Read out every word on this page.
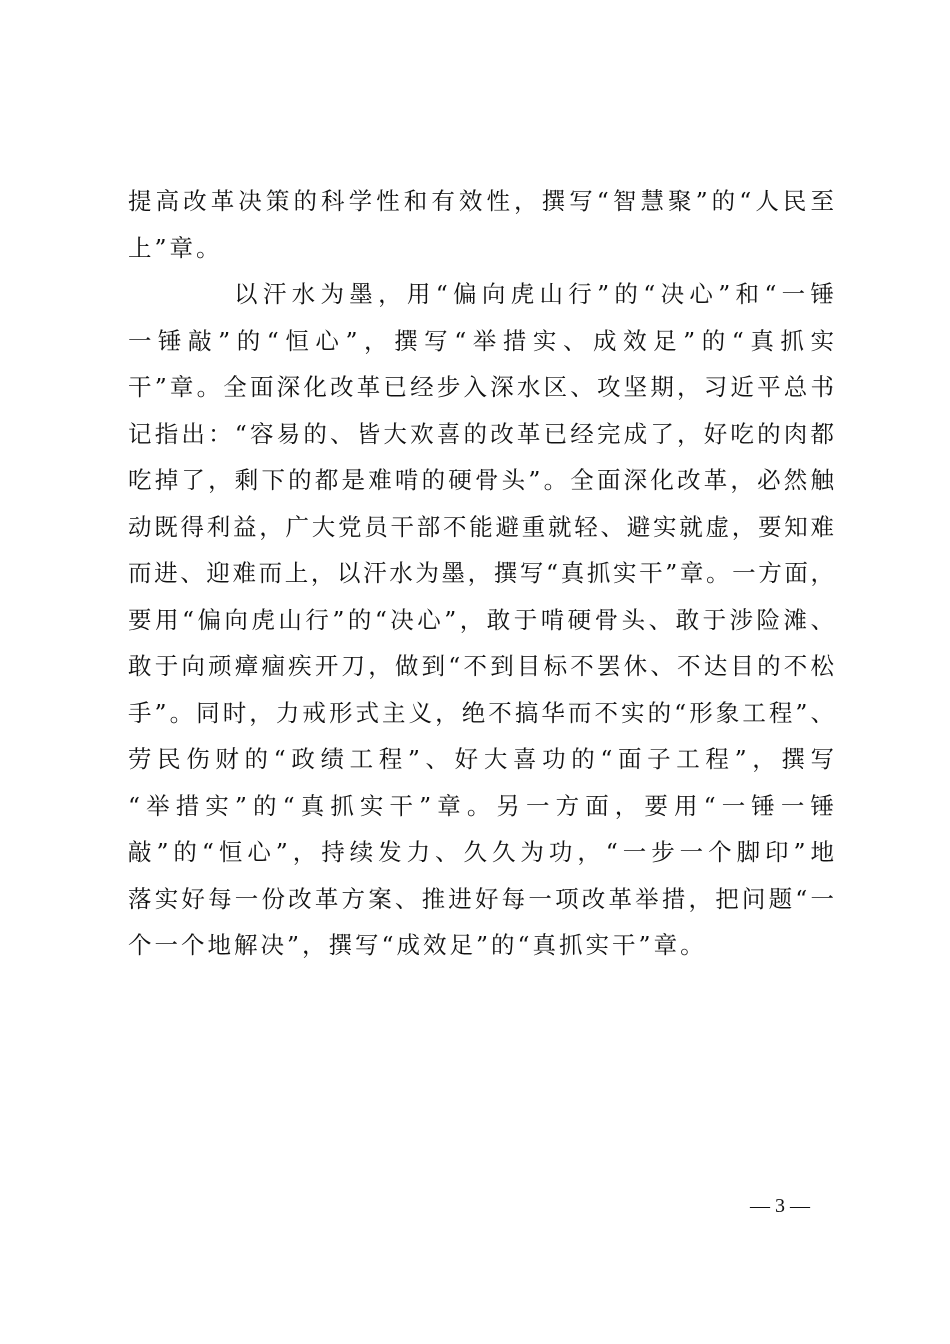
提高改革决策的科学性和有效性，撰写“智慧聚”的“人民至
上”章。
以汗水为墨，用“偏向虎山行”的“决心”和“一锤
一锤敲”的“恒心”，撰写“举措实、成效足”的“真抓实
干”章。全面深化改革已经步入深水区、攻坚期，习近平总书
记指出：“容易的、皆大欢喜的改革已经完成了，好吃的肉都
吃掉了，剩下的都是难啃的硬骨头”。全面深化改革，必然触
动既得利益，广大党员干部不能避重就轻、避实就虚，要知难
而进、迎难而上，以汗水为墨，撰写“真抓实干”章。一方面，
要用“偏向虎山行”的“决心”，敢于啃硬骨头、敢于涉险滩、
敢于向顽瘴痼疾开刀，做到“不到目标不罢休、不达目的不松
手”。同时，力戒形式主义，绝不搞华而不实的“形象工程”、
劳民伤财的“政绩工程”、好大喜功的“面子工程”，撰写
“举措实”的“真抓实干”章。另一方面，要用“一锤一锤
敲”的“恒心”，持续发力、久久为功，“一步一个脚印”地
落实好每一份改革方案、推进好每一项改革举措，把问题“一
个一个地解决”，撰写“成效足”的“真抓实干”章。
— 3 —
